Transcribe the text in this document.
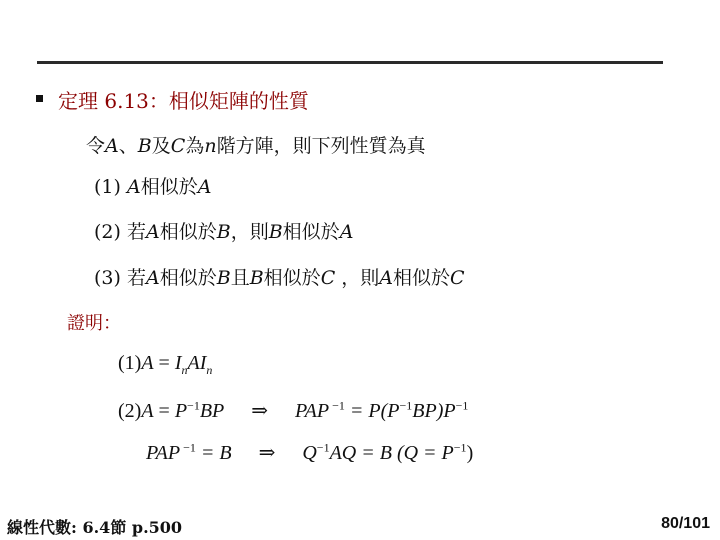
定理 6.13：相似矩陣的性質
令A、B及C為n階方陣，則下列性質為真
(1) A相似於A
(2) 若A相似於B，則B相似於A
(3) 若A相似於B且B相似於C ，則A相似於C
證明：
$(1)A = I_nAI_n$
$(2)A = P^{-1}BP$ ⇒ PAP $^{-1} = P(P^{-1}BP)P^{-1}$
PAP $^{-1}$ = B ⇒ $Q^{-1}AQ = B$ $(Q = P^{-1})$
線性代數: 6.4節 p.500	80/101
